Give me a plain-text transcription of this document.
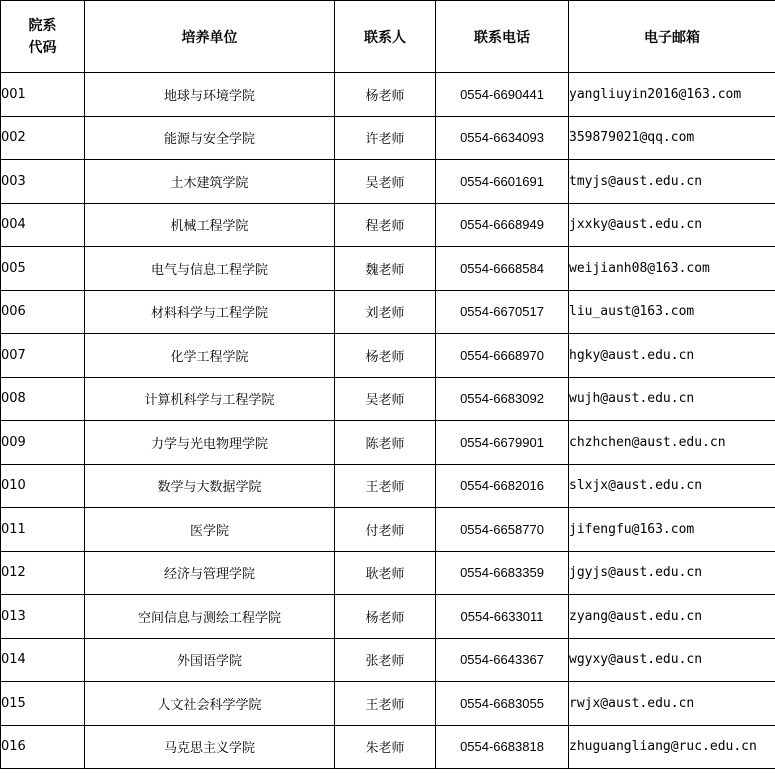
院系
代码	培养单位	联系人	联系电话	电子邮箱
001	地球与环境学院	杨老师	0554-6690441	yangliuyin2016@163.com
002	能源与安全学院	许老师	0554-6634093	359879021@qq.com
003	土木建筑学院	吴老师	0554-6601691	tmyjs@aust.edu.cn
004	机械工程学院	程老师	0554-6668949	jxxky@aust.edu.cn
005	电气与信息工程学院	魏老师	0554-6668584	weijianh08@163.com
006	材料科学与工程学院	刘老师	0554-6670517	liu_aust@163.com
007	化学工程学院	杨老师	0554-6668970	hgky@aust.edu.cn
008	计算机科学与工程学院	吴老师	0554-6683092	wujh@aust.edu.cn
009	力学与光电物理学院	陈老师	0554-6679901	chzhchen@aust.edu.cn
010	数学与大数据学院	王老师	0554-6682016	slxjx@aust.edu.cn
011	医学院	付老师	0554-6658770	jifengfu@163.com
012	经济与管理学院	耿老师	0554-6683359	jgyjs@aust.edu.cn
013	空间信息与测绘工程学院	杨老师	0554-6633011	zyang@aust.edu.cn
014	外国语学院	张老师	0554-6643367	wgyxy@aust.edu.cn
015	人文社会科学学院	王老师	0554-6683055	rwjx@aust.edu.cn
016	马克思主义学院	朱老师	0554-6683818	zhuguangliang@ruc.edu.cn
